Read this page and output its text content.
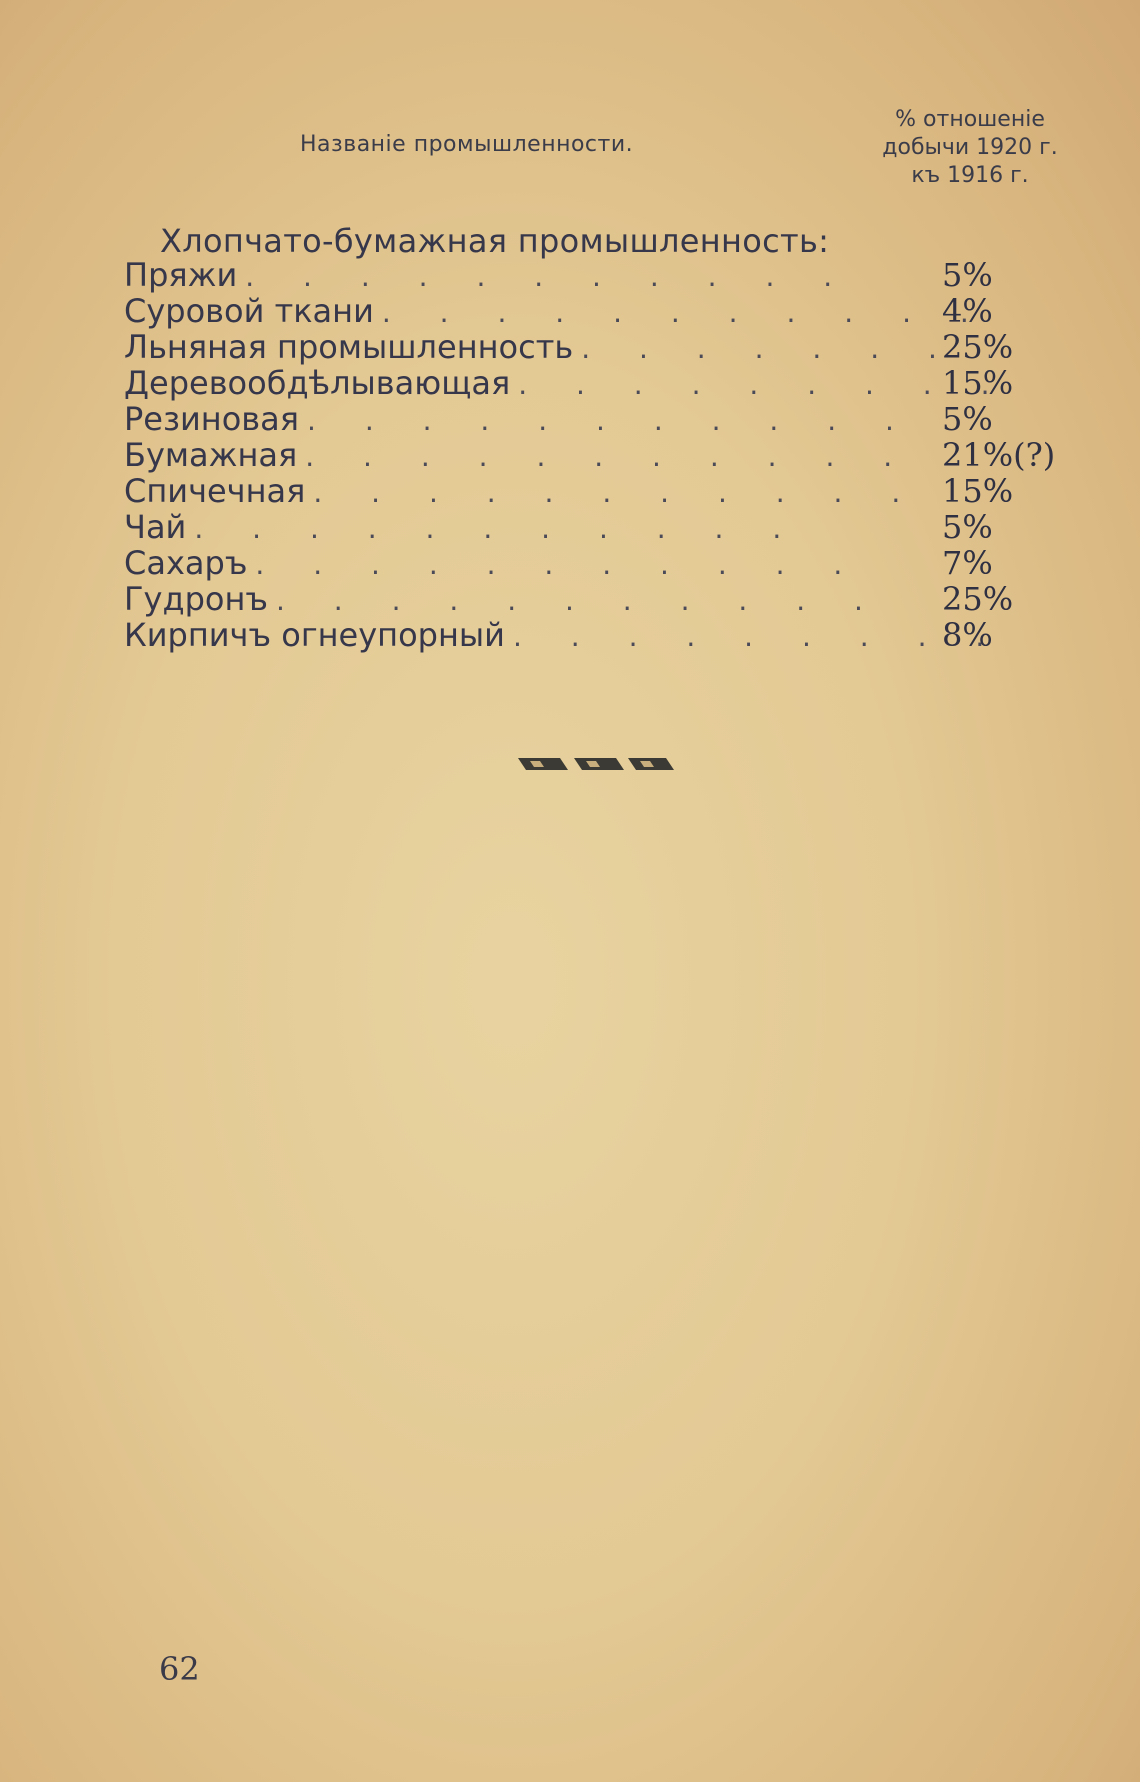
Названіе промышленности.
% отношеніе
добычи 1920 г.
къ 1916 г.
Хлопчато-бумажная промышленность:
Пряжи . . .	5%
Суровой ткани . . .	4%
Льняная промышленность . . .	25%
Деревообдѣлывающая . . .	15%
Резиновая . . .	5%
Бумажная . . .	21%(?)
Спичечная . . .	15%
Чай . . .	5%
Сахаръ . . .	7%
Гудронъ . . .	25%
Кирпичъ огнеупорный . . .	8%
62
